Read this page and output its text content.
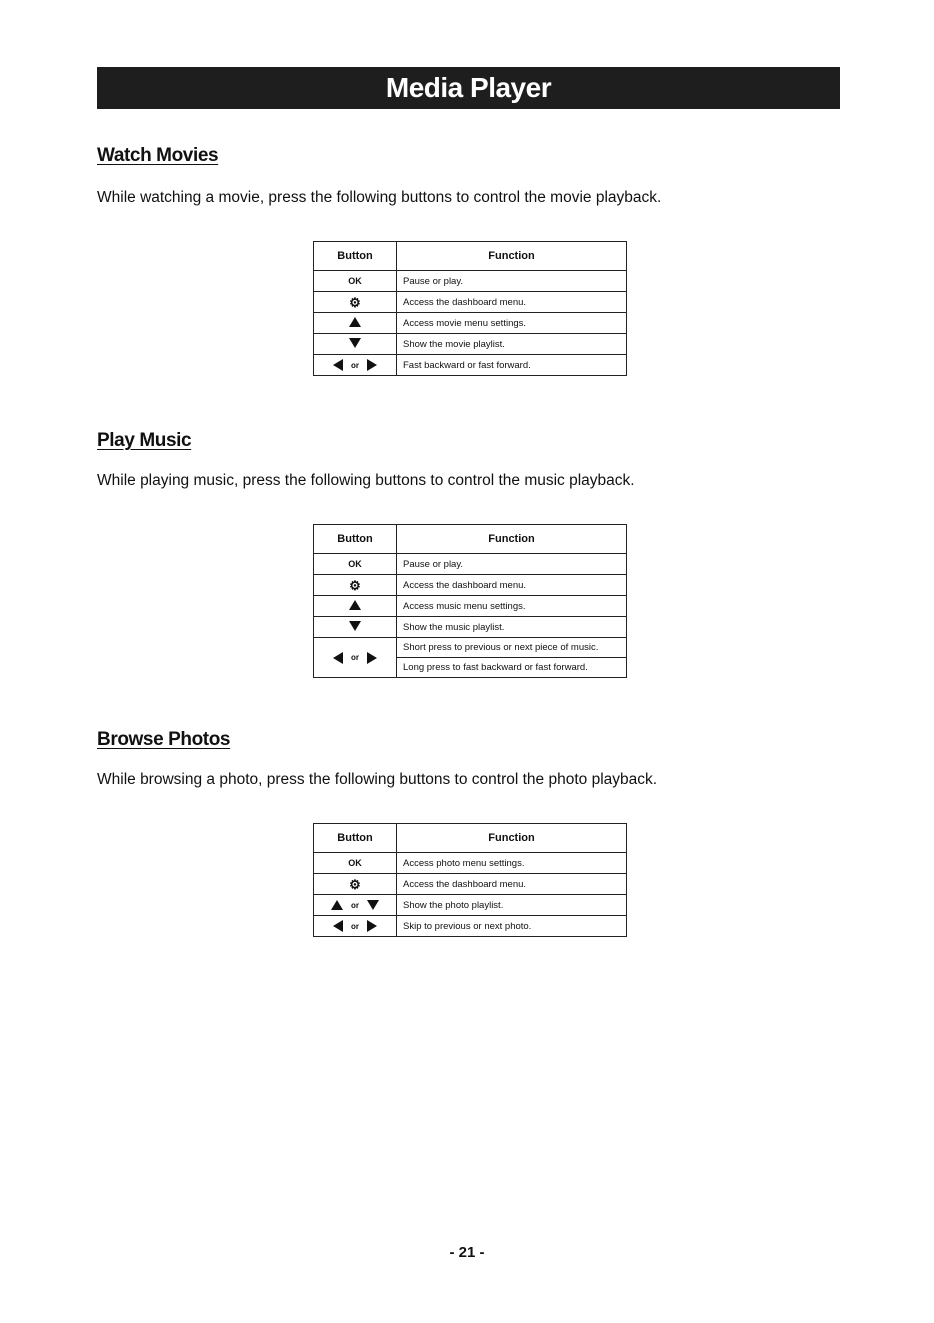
Media Player
Watch Movies

While watching a movie, press the following buttons to control the movie playback.

Button	Function
OK	Pause or play.
⚙	Access the dashboard menu.
	Access movie menu settings.
	Show the movie playlist.

or	Fast backward or fast forward.
Play Music

While playing music, press the following buttons to control the music playback.

Button	Function
OK	Pause or play.
⚙	Access the dashboard menu.
	Access music menu settings.
	Show the music playlist.

or	Short press to previous or next piece of music.
	Long press to fast backward or fast forward.
Browse Photos

While browsing a photo, press the following buttons to control the photo playback.

Button	Function
OK	Access photo menu settings.
⚙	Access the dashboard menu.

or	Show the photo playlist.

or	Skip to previous or next photo.
- 21 -
